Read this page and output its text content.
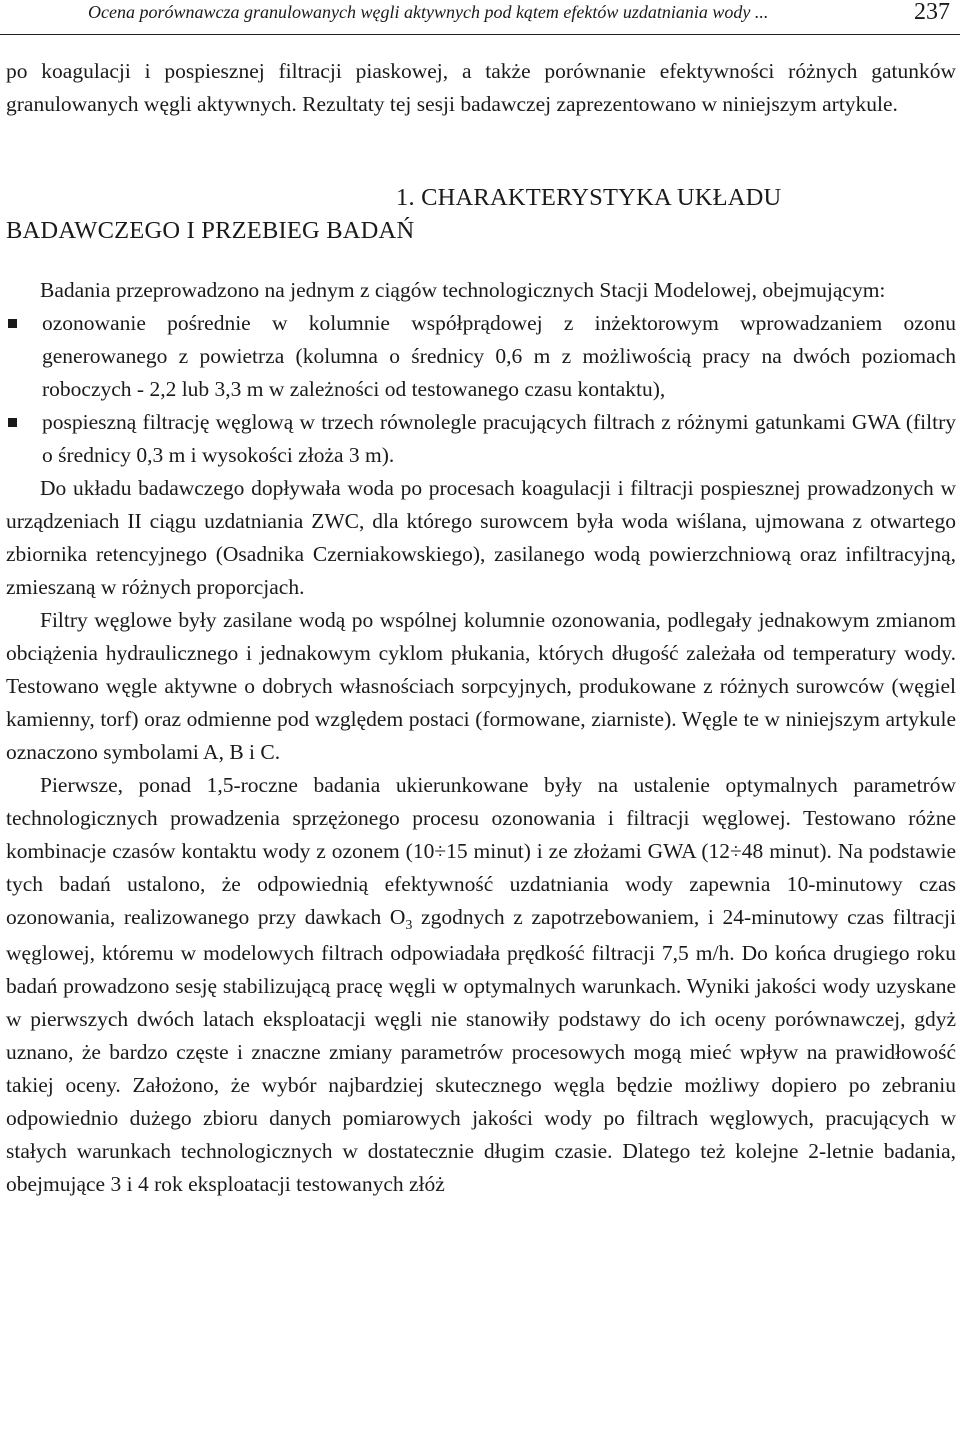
Ocena porównawcza granulowanych węgli aktywnych pod kątem efektów uzdatniania wody ...	237

po koagulacji i pospiesznej filtracji piaskowej, a także porównanie efektywności różnych gatunków granulowanych węgli aktywnych. Rezultaty tej sesji badawczej zaprezentowano w niniejszym artykule.

1. CHARAKTERYSTYKA UKŁADU BADAWCZEGO I PRZEBIEG BADAŃ

Badania przeprowadzono na jednym z ciągów technologicznych Stacji Modelowej, obejmującym:

ozonowanie pośrednie w kolumnie współprądowej z inżektorowym wprowadzaniem ozonu generowanego z powietrza (kolumna o średnicy 0,6 m z możliwością pracy na dwóch poziomach roboczych - 2,2 lub 3,3 m w zależności od testowanego czasu kontaktu),
pospieszną filtrację węglową w trzech równolegle pracujących filtrach z różnymi gatunkami GWA (filtry o średnicy 0,3 m i wysokości złoża 3 m).

Do układu badawczego dopływała woda po procesach koagulacji i filtracji pospiesznej prowadzonych w urządzeniach II ciągu uzdatniania ZWC, dla którego surowcem była woda wiślana, ujmowana z otwartego zbiornika retencyjnego (Osadnika Czerniakowskiego), zasilanego wodą powierzchniową oraz infiltracyjną, zmieszaną w różnych proporcjach.

Filtry węglowe były zasilane wodą po wspólnej kolumnie ozonowania, podlegały jednakowym zmianom obciążenia hydraulicznego i jednakowym cyklom płukania, których długość zależała od temperatury wody. Testowano węgle aktywne o dobrych własnościach sorpcyjnych, produkowane z różnych surowców (węgiel kamienny, torf) oraz odmienne pod względem postaci (formowane, ziarniste). Węgle te w niniejszym artykule oznaczono symbolami A, B i C.

Pierwsze, ponad 1,5-roczne badania ukierunkowane były na ustalenie optymalnych parametrów technologicznych prowadzenia sprzężonego procesu ozonowania i filtracji węglowej. Testowano różne kombinacje czasów kontaktu wody z ozonem (10÷15 minut) i ze złożami GWA (12÷48 minut). Na podstawie tych badań ustalono, że odpowiednią efektywność uzdatniania wody zapewnia 10-minutowy czas ozonowania, realizowanego przy dawkach $O_3$ zgodnych z zapotrzebowaniem, i 24-minutowy czas filtracji węglowej, któremu w modelowych filtrach odpowiadała prędkość filtracji 7,5 m/h. Do końca drugiego roku badań prowadzono sesję stabilizującą pracę węgli w optymalnych warunkach. Wyniki jakości wody uzyskane w pierwszych dwóch latach eksploatacji węgli nie stanowiły podstawy do ich oceny porównawczej, gdyż uznano, że bardzo częste i znaczne zmiany parametrów procesowych mogą mieć wpływ na prawidłowość takiej oceny. Założono, że wybór najbardziej skutecznego węgla będzie możliwy dopiero po zebraniu odpowiednio dużego zbioru danych pomiarowych jakości wody po filtrach węglowych, pracujących w stałych warunkach technologicznych w dostatecznie długim czasie. Dlatego też kolejne 2-letnie badania, obejmujące 3 i 4 rok eksploatacji testowanych złóż
